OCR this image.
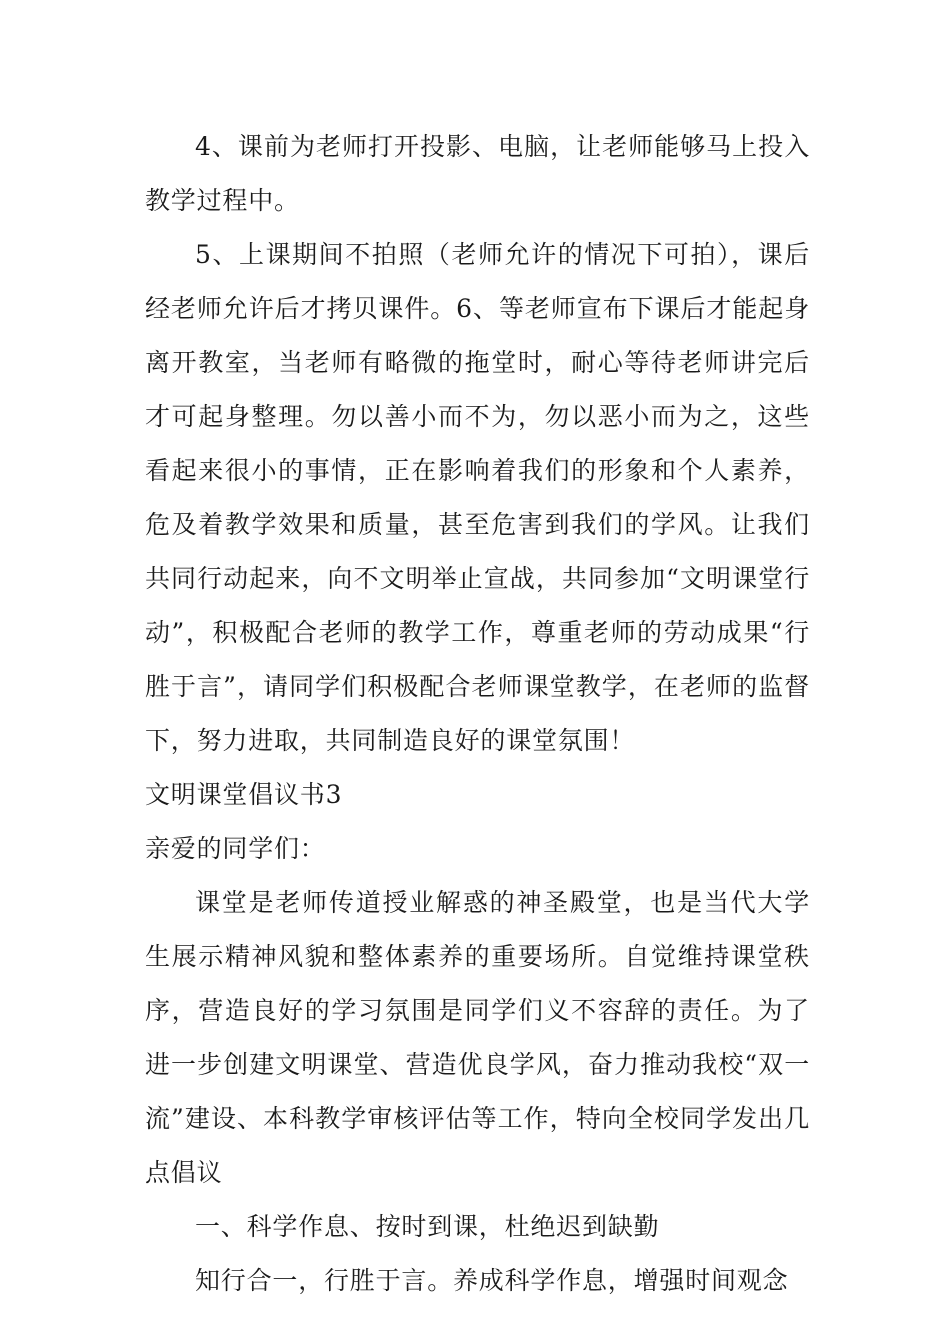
4、课前为老师打开投影、电脑，让老师能够马上投入教学过程中。

5、上课期间不拍照（老师允许的情况下可拍），课后经老师允许后才拷贝课件。6、等老师宣布下课后才能起身离开教室，当老师有略微的拖堂时，耐心等待老师讲完后才可起身整理。勿以善小而不为，勿以恶小而为之，这些看起来很小的事情，正在影响着我们的形象和个人素养，危及着教学效果和质量，甚至危害到我们的学风。让我们共同行动起来，向不文明举止宣战，共同参加“文明课堂行动”，积极配合老师的教学工作，尊重老师的劳动成果“行胜于言”，请同学们积极配合老师课堂教学，在老师的监督下，努力进取，共同制造良好的课堂氛围！

文明课堂倡议书3

亲爱的同学们：

课堂是老师传道授业解惑的神圣殿堂，也是当代大学生展示精神风貌和整体素养的重要场所。自觉维持课堂秩序，营造良好的学习氛围是同学们义不容辞的责任。为了进一步创建文明课堂、营造优良学风，奋力推动我校“双一流”建设、本科教学审核评估等工作，特向全校同学发出几点倡议

一、科学作息、按时到课，杜绝迟到缺勤

知行合一，行胜于言。养成科学作息，增强时间观念
